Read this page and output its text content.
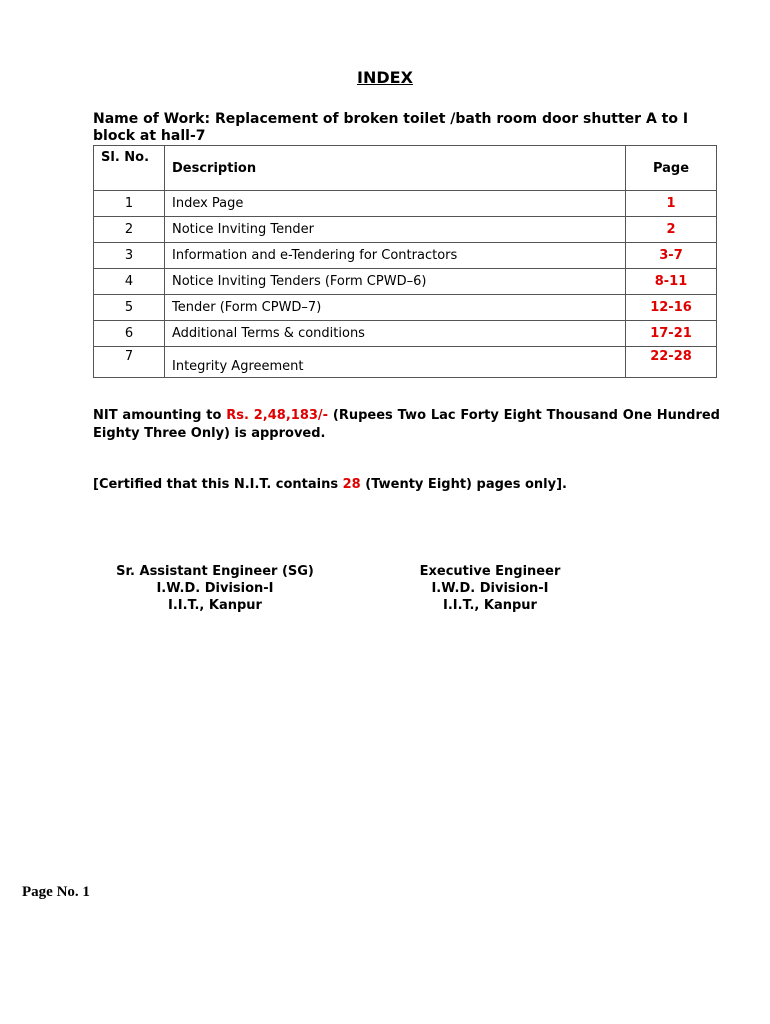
INDEX
Name of Work: Replacement of broken toilet /bath room door shutter A to I block at hall-7
Sl. No.	Description	Page
1	Index Page	1
2	Notice Inviting Tender	2
3	Information and e-Tendering for Contractors	3-7
4	Notice Inviting Tenders (Form CPWD–6)	8-11
5	Tender (Form CPWD–7)	12-16
6	Additional Terms & conditions	17-21
7	Integrity Agreement	22-28
NIT amounting to Rs. 2,48,183/- (Rupees Two Lac Forty Eight Thousand One Hundred Eighty Three Only) is approved.
[Certified that this N.I.T. contains 28 (Twenty Eight) pages only].
Sr. Assistant Engineer (SG)
I.W.D. Division-I
I.I.T., Kanpur
Executive Engineer
I.W.D. Division-I
I.I.T., Kanpur
Page No. 1
